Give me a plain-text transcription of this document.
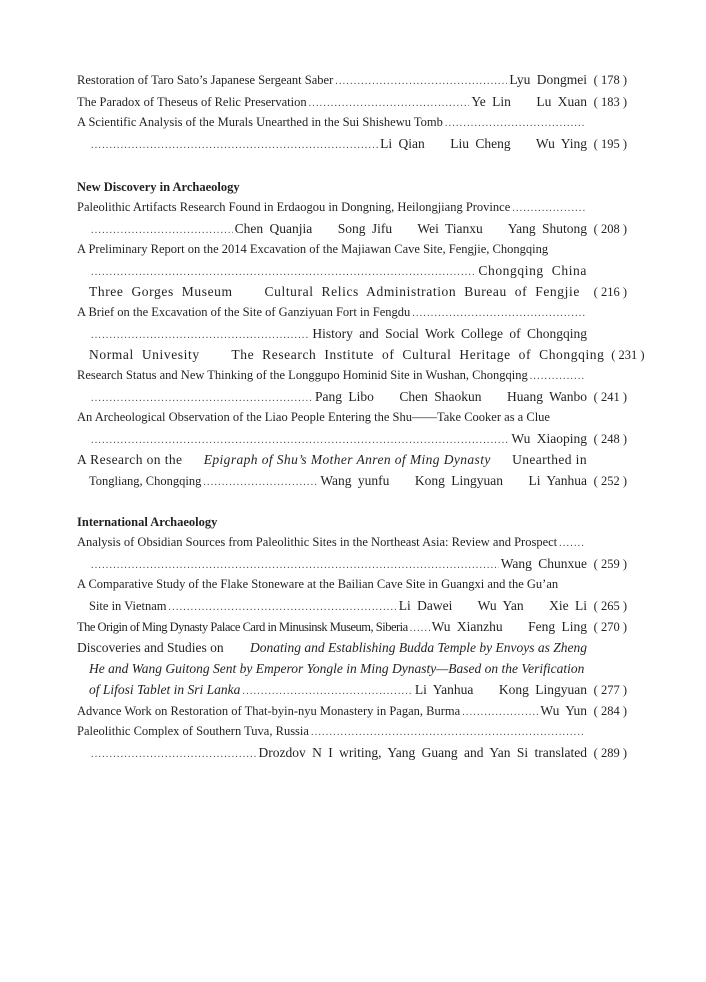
Restoration of Taro Sato’s Japanese Sergeant Saber .....	Lyu Dongmei ( 178 )
The Paradox of Theseus of Relic Preservation .....	Ye Lin    Lu Xuan ( 183 )
A Scientific Analysis of the Murals Unearthed in the Sui Shishewu Tomb
.....
.....
Li Qian    Liu Cheng    Wu Ying ( 195 )
New Discovery in Archaeology
Paleolithic Artifacts Research Found in Erdaogou in Dongning, Heilongjiang Province
.....
.....
Chen Quanjia    Song Jifu    Wei Tianxu    Yang Shutong ( 208 )
A Preliminary Report on the 2014 Excavation of the Majiawan Cave Site, Fengjie, Chongqing
.....
Chongqing China
Three Gorges Museum    Cultural Relics Administration Bureau of Fengjie	( 216 )
A Brief on the Excavation of the Site of Ganziyuan Fort in Fengdu
.....
.....
History and Social Work College of Chongqing
Normal Univesity    The Research Institute of Cultural Heritage of Chongqing ( 231 )
Research Status and New Thinking of the Longgupo Hominid Site in Wushan, Chongqing
.....
.....
Pang Libo    Chen Shaokun    Huang Wanbo ( 241 )
An Archeological Observation of the Liao People Entering the Shu——Take Cooker as a Clue
.....
Wu Xiaoping ( 248 )
A Research on the Epigraph of Shu’s Mother Anren of Ming Dynasty Unearthed in
Tongliang, Chongqing .....	Wang yunfu    Kong Lingyuan    Li Yanhua ( 252 )
International Archaeology
Analysis of Obsidian Sources from Paleolithic Sites in the Northeast Asia: Review and Prospect
.....
.....
Wang Chunxue ( 259 )
A Comparative Study of the Flake Stoneware at the Bailian Cave Site in Guangxi and the Gu’an
Site in Vietnam .....	Li Dawei    Wu Yan    Xie Li ( 265 )
The Origin of Ming Dynasty Palace Card in Minusinsk Museum, Siberia ..... Wu Xianzhu    Feng Ling ( 270 )
Discoveries and Studies on Donating and Establishing Budda Temple by Envoys as Zheng
He and Wang Guitong Sent by Emperor Yongle in Ming Dynasty—Based on the Verification
of Lifosi Tablet in Sri Lanka .....	Li Yanhua    Kong Lingyuan ( 277 )
Advance Work on Restoration of That-byin-nyu Monastery in Pagan, Burma .....	Wu Yun ( 284 )
Paleolithic Complex of Southern Tuva, Russia
.....
.....
Drozdov N I writing, Yang Guang and Yan Si translated ( 289 )
